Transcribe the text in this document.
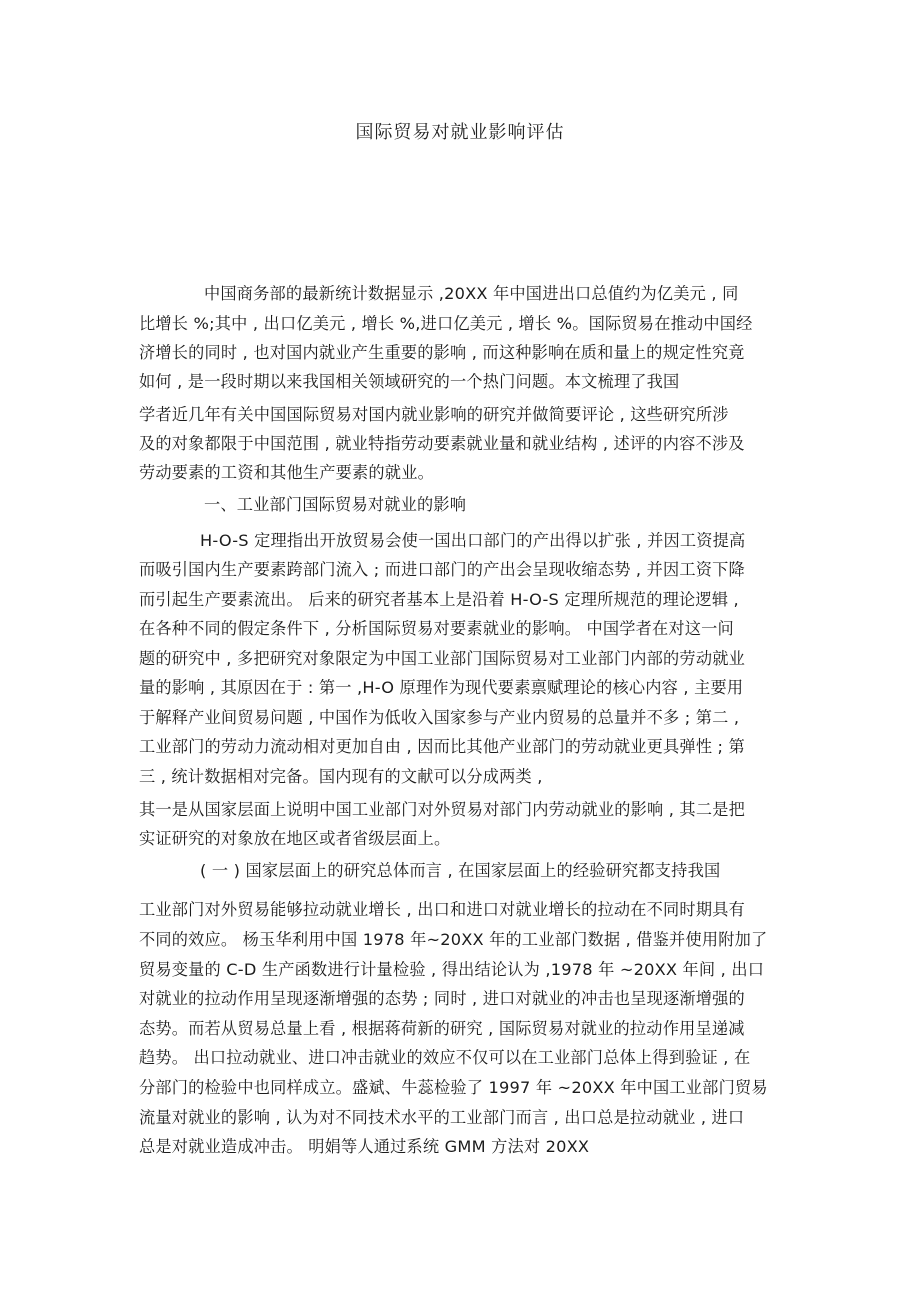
国际贸易对就业影响评估
中国商务部的最新统计数据显示 ,20XX 年中国进出口总值约为亿美元 , 同
比增长 %;其中 , 出口亿美元 , 增长 %,进口亿美元 , 增长 %。国际贸易在推动中国经
济增长的同时 , 也对国内就业产生重要的影响 , 而这种影响在质和量上的规定性究竟
如何 , 是一段时期以来我国相关领域研究的一个热门问题。本文梳理了我国
学者近几年有关中国国际贸易对国内就业影响的研究并做简要评论 , 这些研究所涉
及的对象都限于中国范围 , 就业特指劳动要素就业量和就业结构 , 述评的内容不涉及
劳动要素的工资和其他生产要素的就业。
一、工业部门国际贸易对就业的影响
H-O-S 定理指出开放贸易会使一国出口部门的产出得以扩张 , 并因工资提高
而吸引国内生产要素跨部门流入 ; 而进口部门的产出会呈现收缩态势 , 并因工资下降
而引起生产要素流出。 后来的研究者基本上是沿着 H-O-S 定理所规范的理论逻辑 ,
在各种不同的假定条件下 , 分析国际贸易对要素就业的影响。 中国学者在对这一问
题的研究中 , 多把研究对象限定为中国工业部门国际贸易对工业部门内部的劳动就业
量的影响 , 其原因在于 : 第一 ,H-O 原理作为现代要素禀赋理论的核心内容 , 主要用
于解释产业间贸易问题 , 中国作为低收入国家参与产业内贸易的总量并不多 ; 第二 ,
工业部门的劳动力流动相对更加自由 , 因而比其他产业部门的劳动就业更具弹性 ; 第
三 , 统计数据相对完备。国内现有的文献可以分成两类 ,
其一是从国家层面上说明中国工业部门对外贸易对部门内劳动就业的影响 , 其二是把
实证研究的对象放在地区或者省级层面上。
( 一 ) 国家层面上的研究总体而言 , 在国家层面上的经验研究都支持我国
工业部门对外贸易能够拉动就业增长 , 出口和进口对就业增长的拉动在不同时期具有
不同的效应。 杨玉华利用中国 1978 年~20XX 年的工业部门数据 , 借鉴并使用附加了
贸易变量的 C-D 生产函数进行计量检验 , 得出结论认为 ,1978 年 ~20XX 年间 , 出口
对就业的拉动作用呈现逐渐增强的态势 ; 同时 , 进口对就业的冲击也呈现逐渐增强的
态势。而若从贸易总量上看 , 根据蒋荷新的研究 , 国际贸易对就业的拉动作用呈递减
趋势。 出口拉动就业、进口冲击就业的效应不仅可以在工业部门总体上得到验证 , 在
分部门的检验中也同样成立。盛斌、牛蕊检验了 1997 年 ~20XX 年中国工业部门贸易
流量对就业的影响 , 认为对不同技术水平的工业部门而言 , 出口总是拉动就业 , 进口
总是对就业造成冲击。 明娟等人通过系统 GMM 方法对 20XX
